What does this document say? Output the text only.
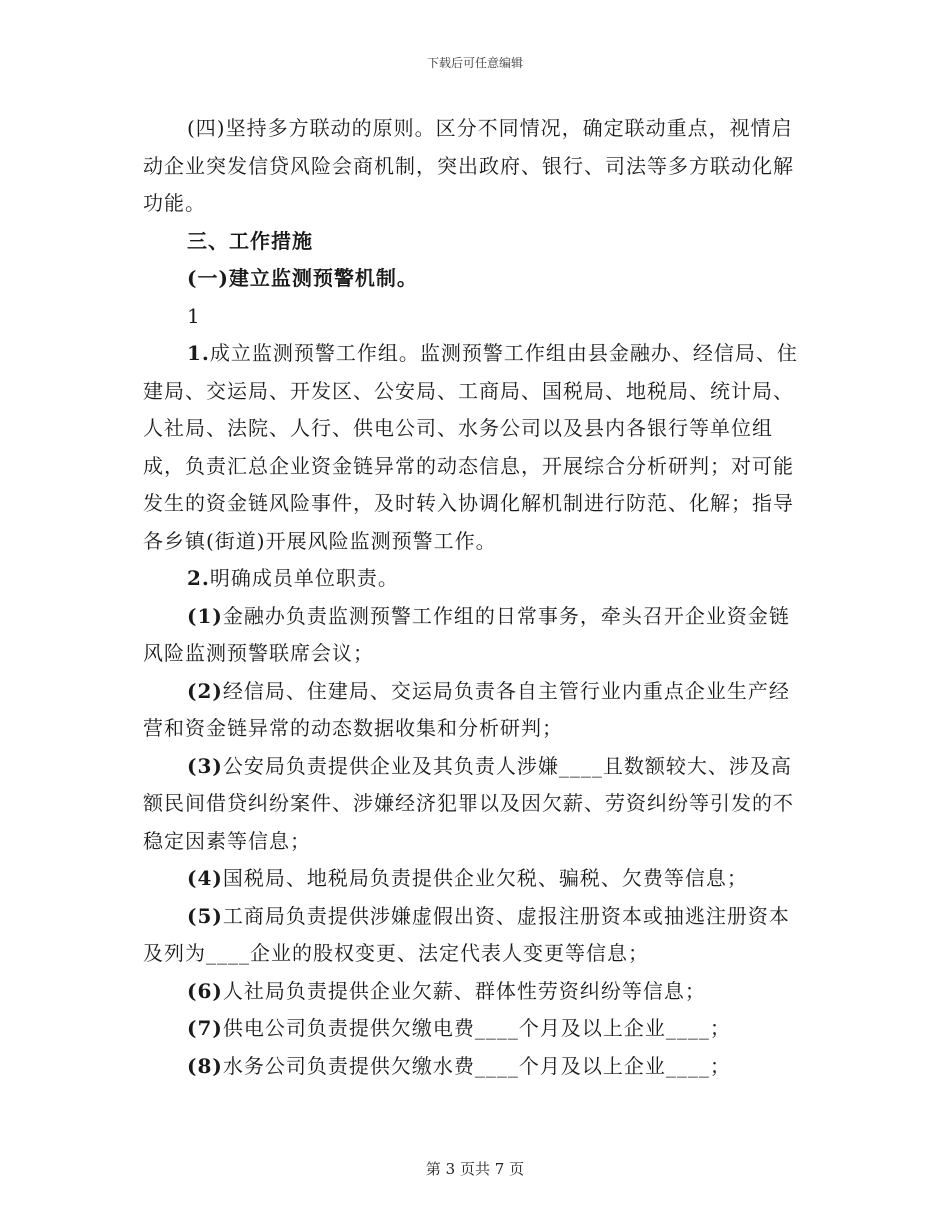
下载后可任意编辑

(四)坚持多方联动的原则。区分不同情况，确定联动重点，视情启动企业突发信贷风险会商机制，突出政府、银行、司法等多方联动化解功能。

三、工作措施

(一)建立监测预警机制。

1

1.成立监测预警工作组。监测预警工作组由县金融办、经信局、住建局、交运局、开发区、公安局、工商局、国税局、地税局、统计局、人社局、法院、人行、供电公司、水务公司以及县内各银行等单位组成，负责汇总企业资金链异常的动态信息，开展综合分析研判；对可能发生的资金链风险事件，及时转入协调化解机制进行防范、化解；指导各乡镇(街道)开展风险监测预警工作。

2.明确成员单位职责。

(1)金融办负责监测预警工作组的日常事务，牵头召开企业资金链风险监测预警联席会议；

(2)经信局、住建局、交运局负责各自主管行业内重点企业生产经营和资金链异常的动态数据收集和分析研判；

(3)公安局负责提供企业及其负责人涉嫌____且数额较大、涉及高额民间借贷纠纷案件、涉嫌经济犯罪以及因欠薪、劳资纠纷等引发的不稳定因素等信息；

(4)国税局、地税局负责提供企业欠税、骗税、欠费等信息；

(5)工商局负责提供涉嫌虚假出资、虚报注册资本或抽逃注册资本及列为____企业的股权变更、法定代表人变更等信息；

(6)人社局负责提供企业欠薪、群体性劳资纠纷等信息；

(7)供电公司负责提供欠缴电费____个月及以上企业____；

(8)水务公司负责提供欠缴水费____个月及以上企业____；

第 3 页共 7 页
